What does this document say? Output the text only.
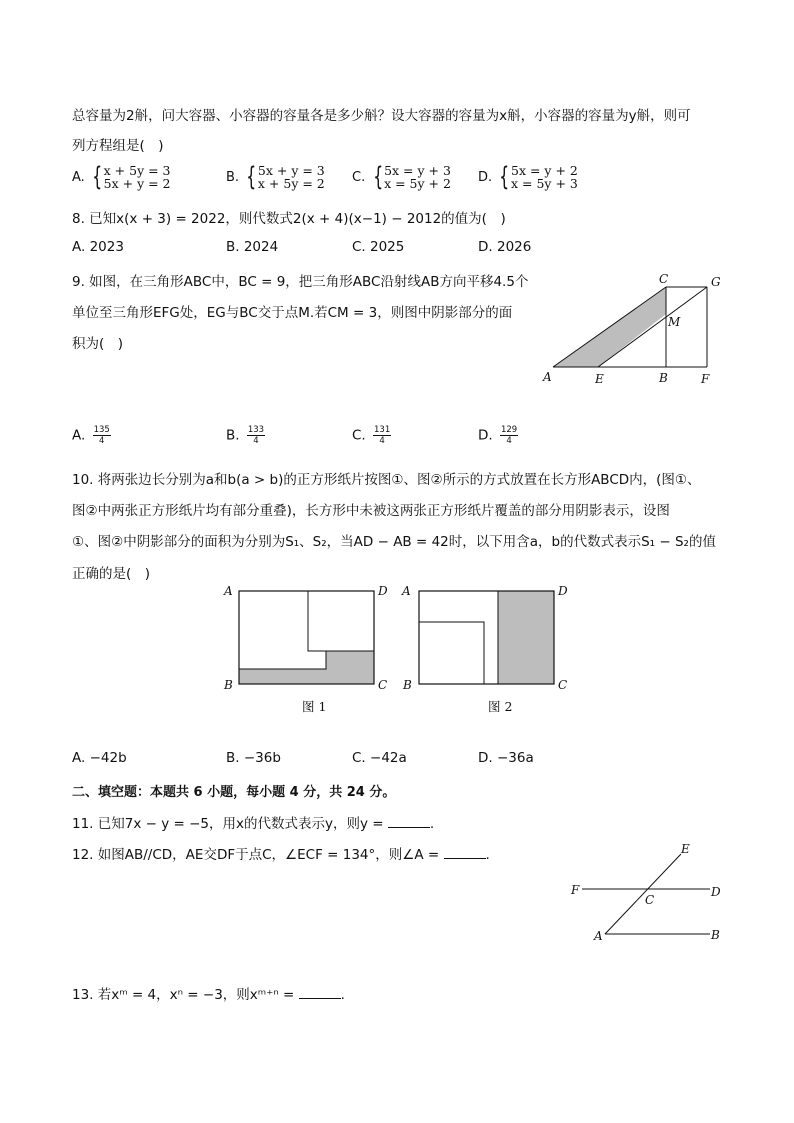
总容量为2斛，问大容器、小容器的容量各是多少斛？设大容器的容量为x斛，小容器的容量为y斛，则可
列方程组是(　)
A. { x + 5y = 3
5x + y = 2	B. { 5x + y = 3
x + 5y = 2 C. { 5x = y + 3
x = 5y + 2 D. { 5x = y + 2
x = 5y + 3
8. 已知x(x + 3) = 2022，则代数式2(x + 4)(x−1) − 2012的值为(　)
A. 2023	B. 2024	C. 2025	D. 2026
9. 如图，在三角形ABC中，BC = 9，把三角形ABC沿射线AB方向平移4.5个
单位至三角形EFG处，EG与BC交于点M.若CM = 3，则图中阴影部分的面
积为(　)
A	E	B	F
C	G
M
A. $\frac{135}{4}$	B. $\frac{133}{4}$	C. $\frac{131}{4}$	D. $\frac{129}{4}$
10. 将两张边长分别为a和b(a > b)的正方形纸片按图①、图②所示的方式放置在长方形ABCD内，(图①、
图②中两张正方形纸片均有部分重叠)，长方形中未被这两张正方形纸片覆盖的部分用阴影表示，设图
①、图②中阴影部分的面积为分别为S₁、S₂，当AD − AB = 42时，以下用含a，b的代数式表示S₁ − S₂的值
正确的是(　)
A	D
B	C
图 1
A	D
B	C
图 2
A. −42b	B. −36b	C. −42a	D. −36a
二、填空题：本题共 6 小题，每小题 4 分，共 24 分。
11. 已知7x − y = −5，用x的代数式表示y，则y =	.
12. 如图AB//CD，AE交DF于点C，∠ECF = 134°，则∠A =	.	E
F
C
D
A	B
13. 若xᵐ = 4，xⁿ = −3，则xᵐ⁺ⁿ =	.
